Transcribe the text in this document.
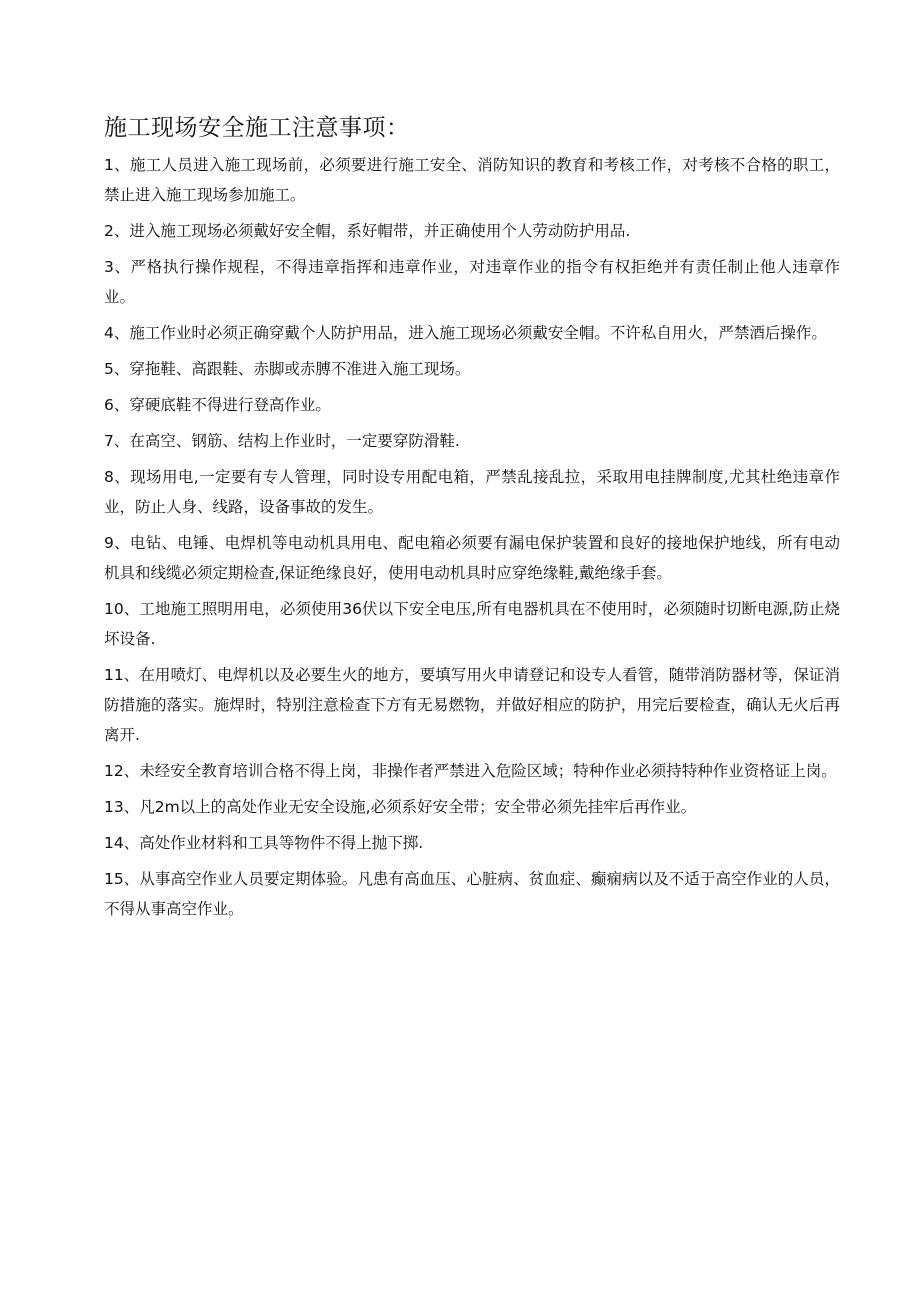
施工现场安全施工注意事项：
1、施工人员进入施工现场前，必须要进行施工安全、消防知识的教育和考核工作，对考核不合格的职工，禁止进入施工现场参加施工。
2、进入施工现场必须戴好安全帽，系好帽带，并正确使用个人劳动防护用品.
3、严格执行操作规程，不得违章指挥和违章作业，对违章作业的指令有权拒绝并有责任制止他人违章作业。
4、施工作业时必须正确穿戴个人防护用品，进入施工现场必须戴安全帽。不许私自用火，严禁酒后操作。
5、穿拖鞋、高跟鞋、赤脚或赤膊不准进入施工现场。
6、穿硬底鞋不得进行登高作业。
7、在高空、钢筋、结构上作业时，一定要穿防滑鞋.
8、现场用电,一定要有专人管理，同时设专用配电箱，严禁乱接乱拉，采取用电挂牌制度,尤其杜绝违章作业，防止人身、线路，设备事故的发生。
9、电钻、电锤、电焊机等电动机具用电、配电箱必须要有漏电保护装置和良好的接地保护地线，所有电动机具和线缆必须定期检查,保证绝缘良好，使用电动机具时应穿绝缘鞋,戴绝缘手套。
10、工地施工照明用电，必须使用36伏以下安全电压,所有电器机具在不使用时，必须随时切断电源,防止烧坏设备.
11、在用喷灯、电焊机以及必要生火的地方，要填写用火申请登记和设专人看管，随带消防器材等，保证消防措施的落实。施焊时，特别注意检查下方有无易燃物，并做好相应的防护，用完后要检查，确认无火后再离开.
12、未经安全教育培训合格不得上岗，非操作者严禁进入危险区域；特种作业必须持特种作业资格证上岗。
13、凡2m以上的高处作业无安全设施,必须系好安全带；安全带必须先挂牢后再作业。
14、高处作业材料和工具等物件不得上抛下掷.
15、从事高空作业人员要定期体验。凡患有高血压、心脏病、贫血症、癫痫病以及不适于高空作业的人员，不得从事高空作业。
